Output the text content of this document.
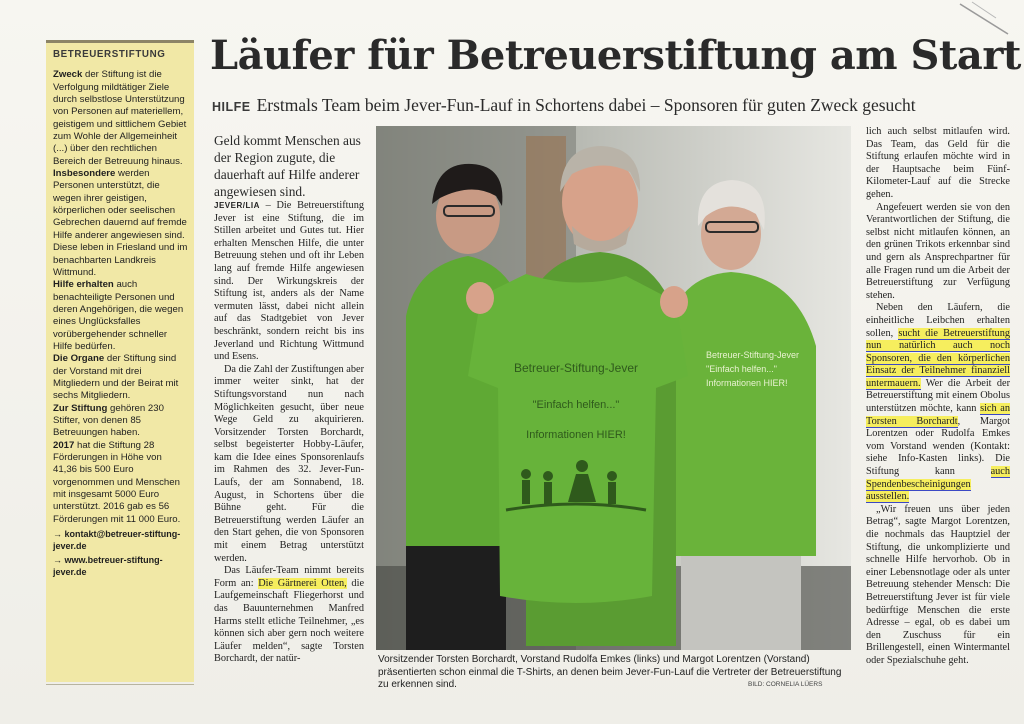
BETREUERSTIFTUNG

Zweck der Stiftung ist die Verfolgung mildtätiger Ziele durch selbstlose Unterstützung von Personen auf materiellem, geistigem und sittlichem Gebiet zum Wohle der Allgemeinheit (...) über den rechtlichen Bereich der Betreuung hinaus.

Insbesondere werden Personen unterstützt, die wegen ihrer geistigen, körperlichen oder seelischen Gebrechen dauernd auf fremde Hilfe anderer angewiesen sind. Diese leben in Friesland und im benachbarten Landkreis Wittmund.

Hilfe erhalten auch benachteiligte Personen und deren Angehörigen, die wegen eines Unglücksfalles vorübergehender schneller Hilfe bedürfen.

Die Organe der Stiftung sind der Vorstand mit drei Mitgliedern und der Beirat mit sechs Mitgliedern.

Zur Stiftung gehören 230 Stifter, von denen 85 Betreuungen haben.

2017 hat die Stiftung 28 Förderungen in Höhe von 41,36 bis 500 Euro vorgenommen und Menschen mit insgesamt 5000 Euro unterstützt. 2016 gab es 56 Förderungen mit 11 000 Euro.

→ kontakt@betreuer-stiftung-jever.de
→ www.betreuer-stiftung-jever.de
Läufer für Betreuerstiftung am Start
HILFE Erstmals Team beim Jever-Fun-Lauf in Schortens dabei – Sponsoren für guten Zweck gesucht
Geld kommt Menschen aus der Region zugute, die dauerhaft auf Hilfe anderer angewiesen sind.

JEVER/LIA – Die Betreuerstiftung Jever ist eine Stiftung, die im Stillen arbeitet und Gutes tut. Hier erhalten Menschen Hilfe, die unter Betreuung stehen und oft ihr Leben lang auf fremde Hilfe angewiesen sind. Der Wirkungskreis der Stiftung ist, anders als der Name vermuten lässt, dabei nicht allein auf das Stadtgebiet von Jever beschränkt, sondern reicht bis ins Jeverland und Richtung Wittmund und Esens.

Da die Zahl der Zustiftungen aber immer weiter sinkt, hat der Stiftungsvorstand nun nach Möglichkeiten gesucht, über neue Wege Geld zu akquirieren. Vorsitzender Torsten Borchardt, selbst begeisterter Hobby-Läufer, kam die Idee eines Sponsorenlaufs im Rahmen des 32. Jever-Fun-Laufs, der am Sonnabend, 18. August, in Schortens über die Bühne geht. Für die Betreuerstiftung werden Läufer an den Start gehen, die von Sponsoren mit einem Betrag unterstützt werden.

Das Läufer-Team nimmt bereits Form an: Die Gärtnerei Otten, die Laufgemeinschaft Fliegerhorst und das Bauunternehmen Manfred Harms stellt etliche Teilnehmer, „es können sich aber gern noch weitere Läufer melden“, sagte Torsten Borchardt, der natür-

Betreuer-Stiftung-Jever
"Einfach helfen..."
Informationen HIER!
Betreuer-Stiftung-Jever
"Einfach helfen..."
Informationen HIER!
Vorsitzender Torsten Borchardt, Vorstand Rudolfa Emkes (links) und Margot Lorentzen (Vorstand) präsentierten schon einmal die T-Shirts, an denen beim Jever-Fun-Lauf die Vertreter der Betreuerstiftung zu erkennen sind.	BILD: CORNELIA LÜERS

lich auch selbst mitlaufen wird. Das Team, das Geld für die Stiftung erlaufen möchte wird in der Hauptsache beim Fünf-Kilometer-Lauf auf die Strecke gehen.

Angefeuert werden sie von den Verantwortlichen der Stiftung, die selbst nicht mitlaufen können, an den grünen Trikots erkennbar sind und gern als Ansprechpartner für alle Fragen rund um die Arbeit der Betreuerstiftung zur Verfügung stehen.

Neben den Läufern, die einheitliche Leibchen erhalten sollen, sucht die Betreuerstiftung nun natürlich auch noch Sponsoren, die den körperlichen Einsatz der Teilnehmer finanziell untermauern. Wer die Arbeit der Betreuerstiftung mit einem Obolus unterstützen möchte, kann sich an Torsten Borchardt, Margot Lorentzen oder Rudolfa Emkes vom Vorstand wenden (Kontakt: siehe Info-Kasten links). Die Stiftung kann auch Spendenbescheinigungen ausstellen.

„Wir freuen uns über jeden Betrag“, sagte Margot Lorentzen, die nochmals das Hauptziel der Stiftung, die unkomplizierte und schnelle Hilfe hervorhob. Ob in einer Lebensnotlage oder als unter Betreuung stehender Mensch: Die Betreuerstiftung Jever ist für viele bedürftige Menschen die erste Adresse – egal, ob es dabei um den Zuschuss für ein Brillengestell, einen Wintermantel oder Spezialschuhe geht.
